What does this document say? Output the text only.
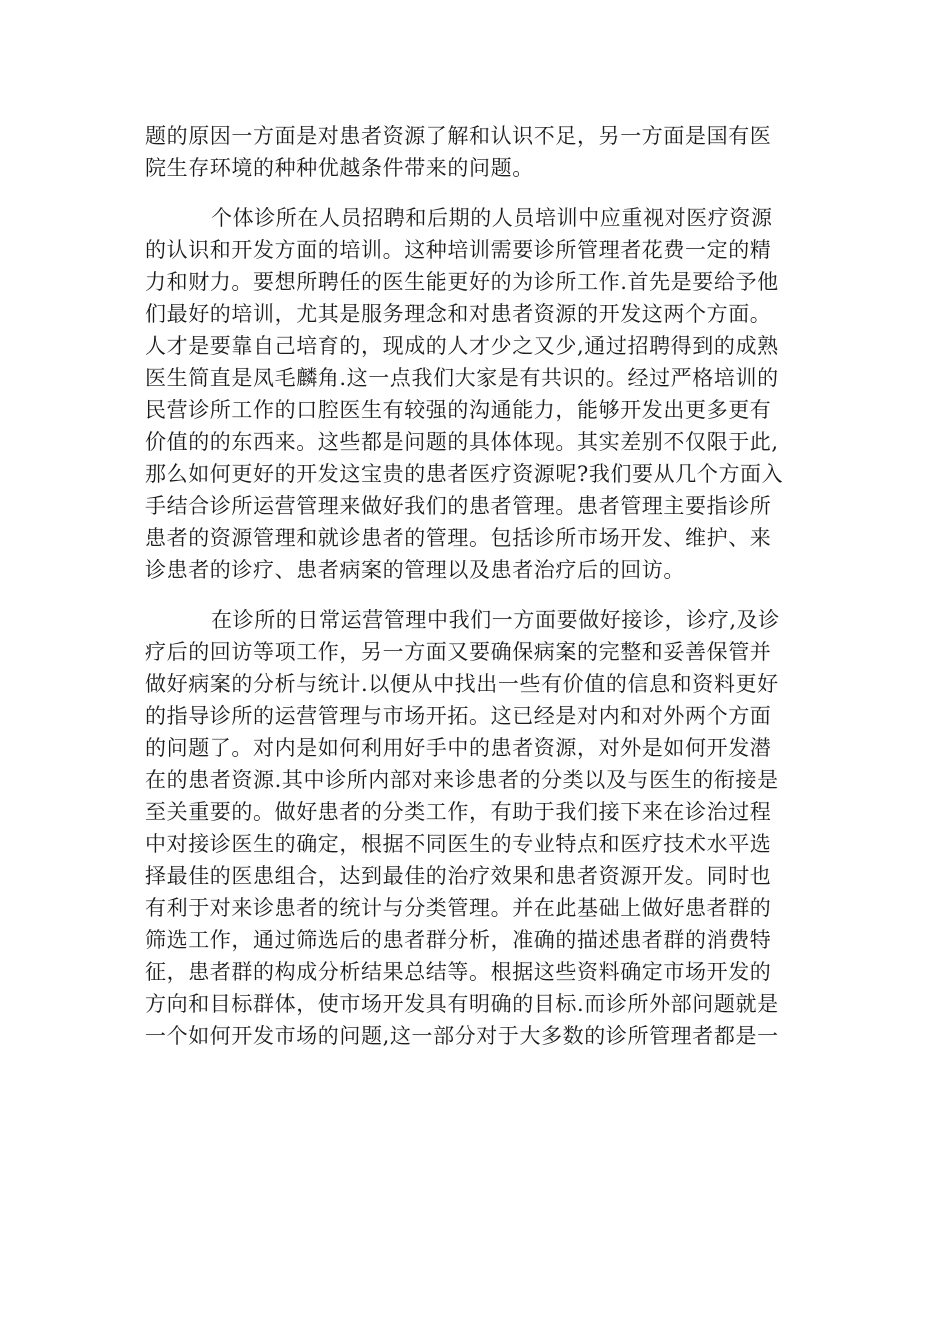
题的原因一方面是对患者资源了解和认识不足，另一方面是国有医
院生存环境的种种优越条件带来的问题。
个体诊所在人员招聘和后期的人员培训中应重视对医疗资源
的认识和开发方面的培训。这种培训需要诊所管理者花费一定的精
力和财力。要想所聘任的医生能更好的为诊所工作.首先是要给予他
们最好的培训，尤其是服务理念和对患者资源的开发这两个方面。
人才是要靠自己培育的，现成的人才少之又少,通过招聘得到的成熟
医生简直是凤毛麟角.这一点我们大家是有共识的。经过严格培训的
民营诊所工作的口腔医生有较强的沟通能力，能够开发出更多更有
价值的的东西来。这些都是问题的具体体现。其实差别不仅限于此,
那么如何更好的开发这宝贵的患者医疗资源呢?我们要从几个方面入
手结合诊所运营管理来做好我们的患者管理。患者管理主要指诊所
患者的资源管理和就诊患者的管理。包括诊所市场开发、维护、来
诊患者的诊疗、患者病案的管理以及患者治疗后的回访。
在诊所的日常运营管理中我们一方面要做好接诊，诊疗,及诊
疗后的回访等项工作，另一方面又要确保病案的完整和妥善保管并
做好病案的分析与统计.以便从中找出一些有价值的信息和资料更好
的指导诊所的运营管理与市场开拓。这已经是对内和对外两个方面
的问题了。对内是如何利用好手中的患者资源，对外是如何开发潜
在的患者资源.其中诊所内部对来诊患者的分类以及与医生的衔接是
至关重要的。做好患者的分类工作，有助于我们接下来在诊治过程
中对接诊医生的确定，根据不同医生的专业特点和医疗技术水平选
择最佳的医患组合，达到最佳的治疗效果和患者资源开发。同时也
有利于对来诊患者的统计与分类管理。并在此基础上做好患者群的
筛选工作，通过筛选后的患者群分析，准确的描述患者群的消费特
征，患者群的构成分析结果总结等。根据这些资料确定市场开发的
方向和目标群体，使市场开发具有明确的目标.而诊所外部问题就是
一个如何开发市场的问题,这一部分对于大多数的诊所管理者都是一
